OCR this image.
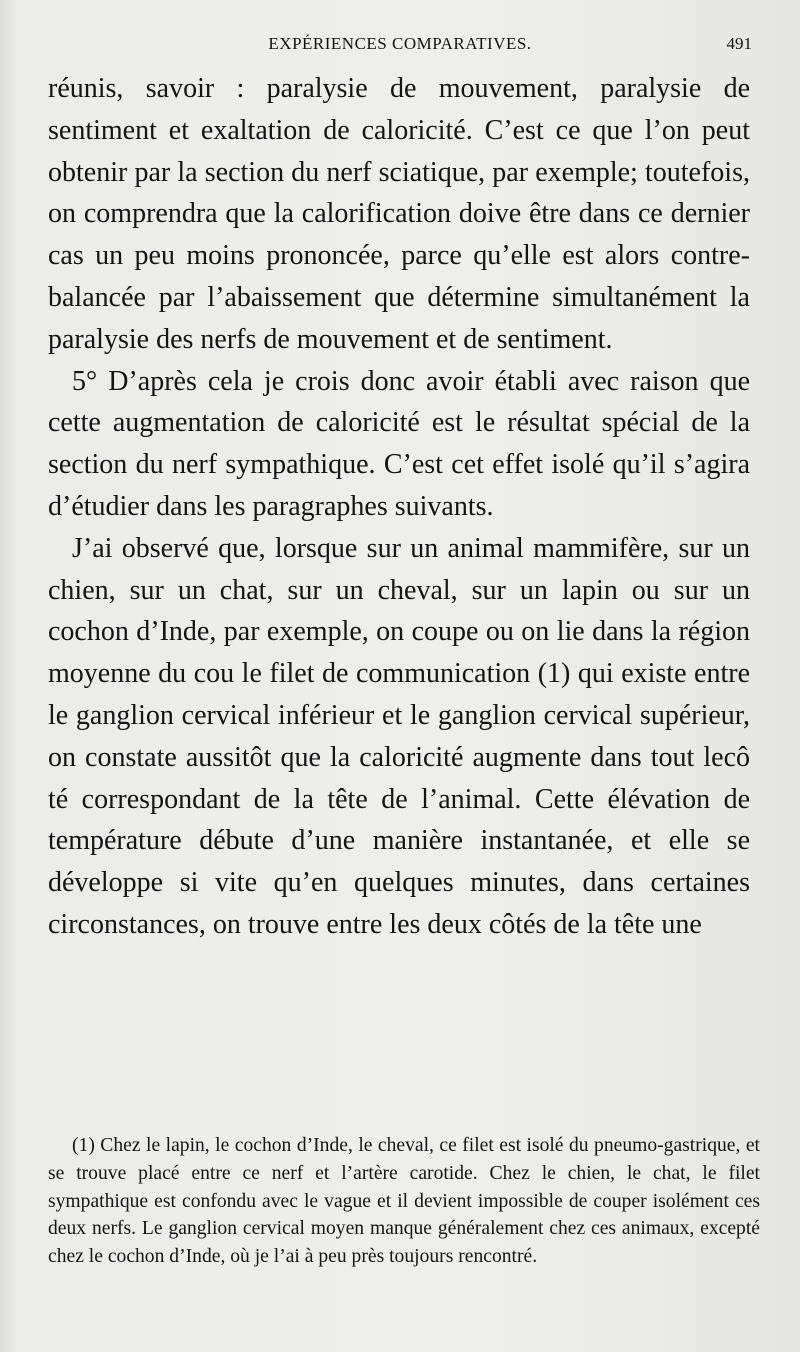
EXPÉRIENCES COMPARATIVES.	491

réunis, savoir : paralysie de mouvement, paralysie de sentiment et exaltation de caloricité. C’est ce que l’on peut obtenir par la section du nerf sciatique, par exemple; toutefois, on comprendra que la calorification doive être dans ce dernier cas un peu moins prononcée, parce qu’elle est alors contre-balancée par l’abaissement que détermine simultanément la paralysie des nerfs de mouvement et de sentiment.

5° D’après cela je crois donc avoir établi avec raison que cette augmentation de caloricité est le résultat spécial de la section du nerf sympathique. C’est cet effet isolé qu’il s’agira d’étudier dans les paragraphes suivants.

J’ai observé que, lorsque sur un animal mammifère, sur un chien, sur un chat, sur un cheval, sur un lapin ou sur un cochon d’Inde, par exemple, on coupe ou on lie dans la région moyenne du cou le filet de communication (1) qui existe entre le ganglion cervical inférieur et le ganglion cervical supérieur, on constate aussitôt que la caloricité augmente dans tout lecô té correspondant de la tête de l’animal. Cette élévation de température débute d’une manière instantanée, et elle se développe si vite qu’en quelques minutes, dans certaines circonstances, on trouve entre les deux côtés de la tête une

(1) Chez le lapin, le cochon d’Inde, le cheval, ce filet est isolé du pneumo-gastrique, et se trouve placé entre ce nerf et l’artère carotide. Chez le chien, le chat, le filet sympathique est confondu avec le vague et il devient impossible de couper isolément ces deux nerfs. Le ganglion cervical moyen manque généralement chez ces animaux, excepté chez le cochon d’Inde, où je l’ai à peu près toujours rencontré.
